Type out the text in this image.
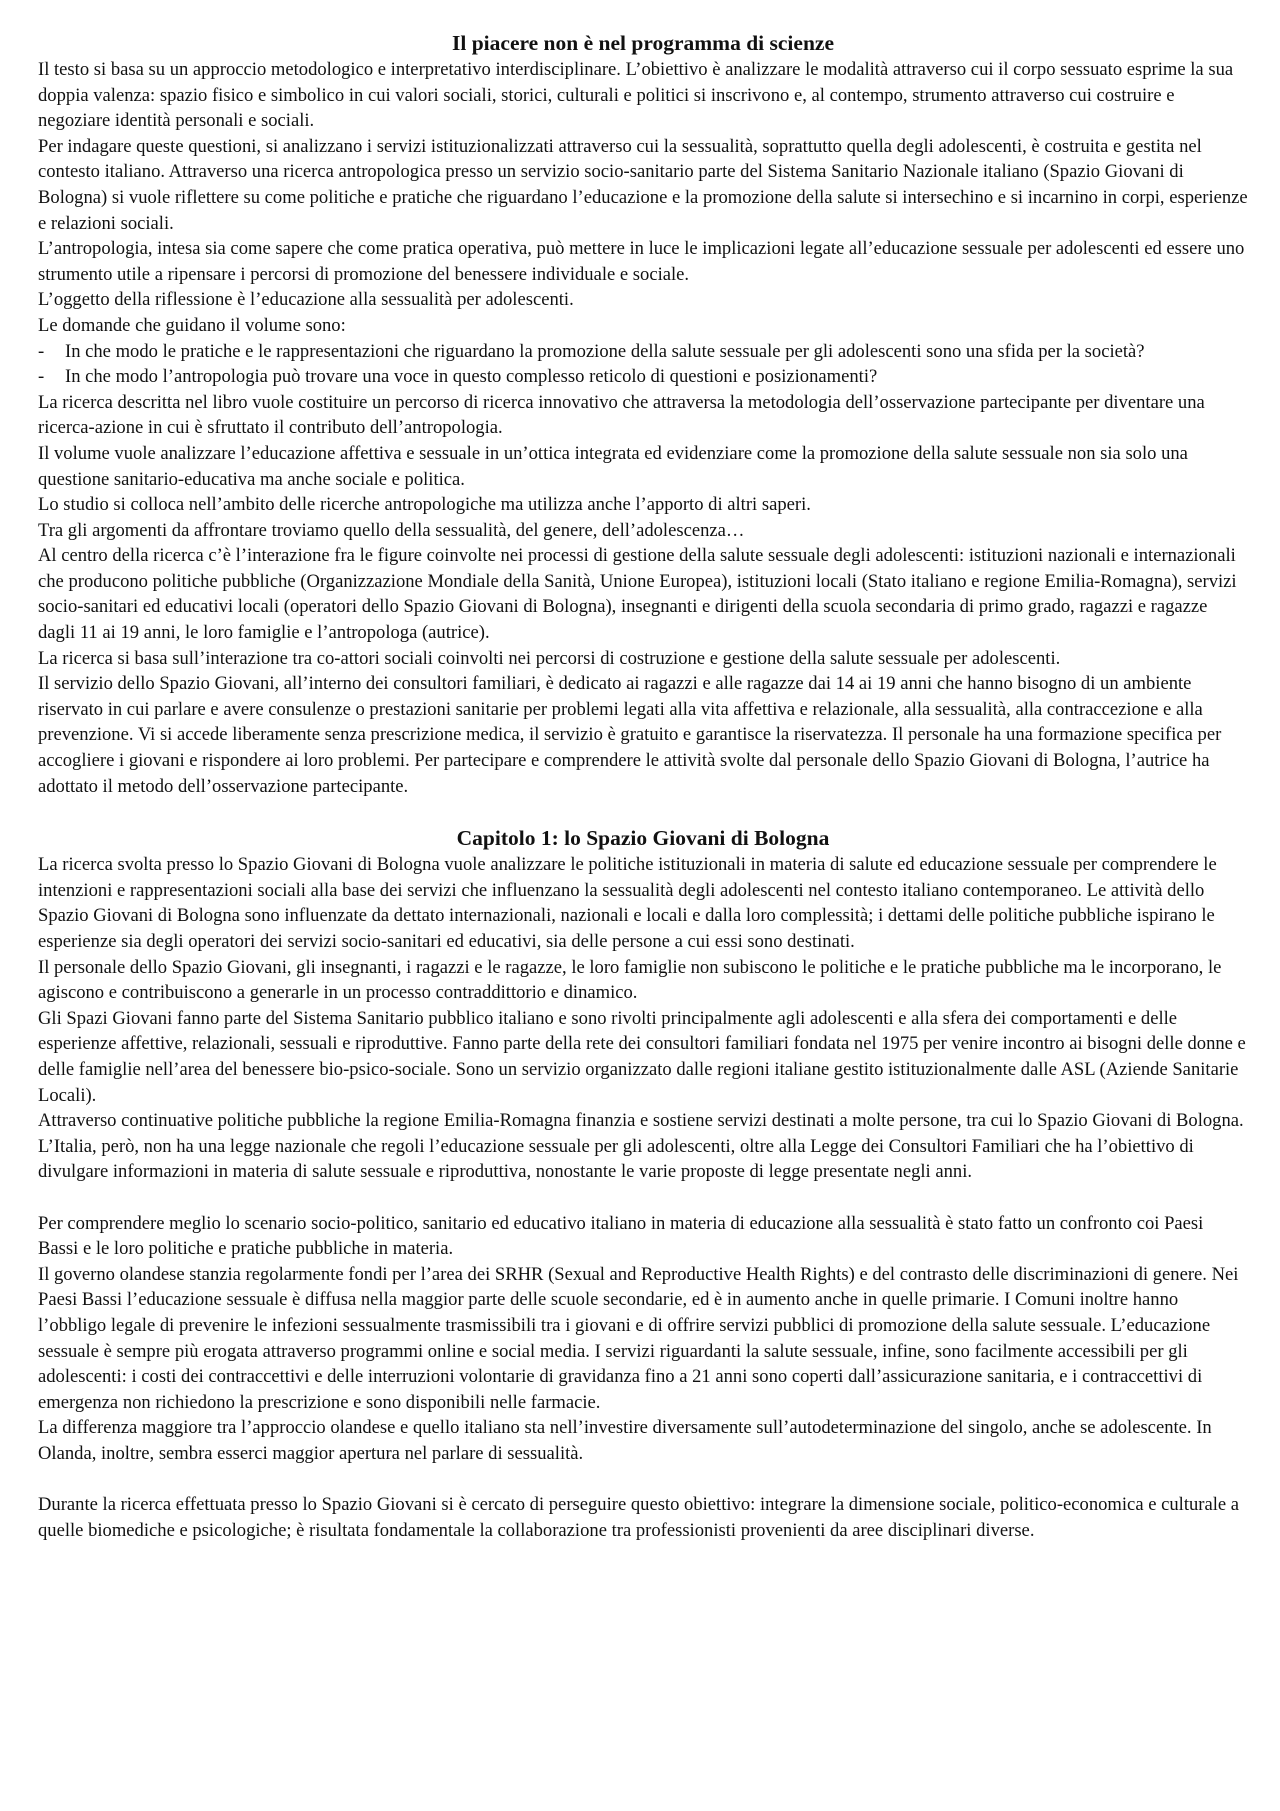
Il piacere non è nel programma di scienze

Il testo si basa su un approccio metodologico e interpretativo interdisciplinare. L’obiettivo è analizzare le modalità attraverso cui il corpo sessuato esprime la sua doppia valenza: spazio fisico e simbolico in cui valori sociali, storici, culturali e politici si inscrivono e, al contempo, strumento attraverso cui costruire e negoziare identità personali e sociali.

Per indagare queste questioni, si analizzano i servizi istituzionalizzati attraverso cui la sessualità, soprattutto quella degli adolescenti, è costruita e gestita nel contesto italiano. Attraverso una ricerca antropologica presso un servizio socio-sanitario parte del Sistema Sanitario Nazionale italiano (Spazio Giovani di Bologna) si vuole riflettere su come politiche e pratiche che riguardano l’educazione e la promozione della salute si intersechino e si incarnino in corpi, esperienze e relazioni sociali.

L’antropologia, intesa sia come sapere che come pratica operativa, può mettere in luce le implicazioni legate all’educazione sessuale per adolescenti ed essere uno strumento utile a ripensare i percorsi di promozione del benessere individuale e sociale.

L’oggetto della riflessione è l’educazione alla sessualità per adolescenti.

Le domande che guidano il volume sono:

- In che modo le pratiche e le rappresentazioni che riguardano la promozione della salute sessuale per gli adolescenti sono una sfida per la società?
- In che modo l’antropologia può trovare una voce in questo complesso reticolo di questioni e posizionamenti?

La ricerca descritta nel libro vuole costituire un percorso di ricerca innovativo che attraversa la metodologia dell’osservazione partecipante per diventare una ricerca-azione in cui è sfruttato il contributo dell’antropologia.

Il volume vuole analizzare l’educazione affettiva e sessuale in un’ottica integrata ed evidenziare come la promozione della salute sessuale non sia solo una questione sanitario-educativa ma anche sociale e politica.

Lo studio si colloca nell’ambito delle ricerche antropologiche ma utilizza anche l’apporto di altri saperi.

Tra gli argomenti da affrontare troviamo quello della sessualità, del genere, dell’adolescenza…

Al centro della ricerca c’è l’interazione fra le figure coinvolte nei processi di gestione della salute sessuale degli adolescenti: istituzioni nazionali e internazionali che producono politiche pubbliche (Organizzazione Mondiale della Sanità, Unione Europea), istituzioni locali (Stato italiano e regione Emilia-Romagna), servizi socio-sanitari ed educativi locali (operatori dello Spazio Giovani di Bologna), insegnanti e dirigenti della scuola secondaria di primo grado, ragazzi e ragazze dagli 11 ai 19 anni, le loro famiglie e l’antropologa (autrice).

La ricerca si basa sull’interazione tra co-attori sociali coinvolti nei percorsi di costruzione e gestione della salute sessuale per adolescenti.

Il servizio dello Spazio Giovani, all’interno dei consultori familiari, è dedicato ai ragazzi e alle ragazze dai 14 ai 19 anni che hanno bisogno di un ambiente riservato in cui parlare e avere consulenze o prestazioni sanitarie per problemi legati alla vita affettiva e relazionale, alla sessualità, alla contraccezione e alla prevenzione. Vi si accede liberamente senza prescrizione medica, il servizio è gratuito e garantisce la riservatezza. Il personale ha una formazione specifica per accogliere i giovani e rispondere ai loro problemi. Per partecipare e comprendere le attività svolte dal personale dello Spazio Giovani di Bologna, l’autrice ha adottato il metodo dell’osservazione partecipante.

Capitolo 1: lo Spazio Giovani di Bologna

La ricerca svolta presso lo Spazio Giovani di Bologna vuole analizzare le politiche istituzionali in materia di salute ed educazione sessuale per comprendere le intenzioni e rappresentazioni sociali alla base dei servizi che influenzano la sessualità degli adolescenti nel contesto italiano contemporaneo. Le attività dello Spazio Giovani di Bologna sono influenzate da dettato internazionali, nazionali e locali e dalla loro complessità; i dettami delle politiche pubbliche ispirano le esperienze sia degli operatori dei servizi socio-sanitari ed educativi, sia delle persone a cui essi sono destinati.

Il personale dello Spazio Giovani, gli insegnanti, i ragazzi e le ragazze, le loro famiglie non subiscono le politiche e le pratiche pubbliche ma le incorporano, le agiscono e contribuiscono a generarle in un processo contraddittorio e dinamico.

Gli Spazi Giovani fanno parte del Sistema Sanitario pubblico italiano e sono rivolti principalmente agli adolescenti e alla sfera dei comportamenti e delle esperienze affettive, relazionali, sessuali e riproduttive. Fanno parte della rete dei consultori familiari fondata nel 1975 per venire incontro ai bisogni delle donne e delle famiglie nell’area del benessere bio-psico-sociale. Sono un servizio organizzato dalle regioni italiane gestito istituzionalmente dalle ASL (Aziende Sanitarie Locali).

Attraverso continuative politiche pubbliche la regione Emilia-Romagna finanzia e sostiene servizi destinati a molte persone, tra cui lo Spazio Giovani di Bologna. L’Italia, però, non ha una legge nazionale che regoli l’educazione sessuale per gli adolescenti, oltre alla Legge dei Consultori Familiari che ha l’obiettivo di divulgare informazioni in materia di salute sessuale e riproduttiva, nonostante le varie proposte di legge presentate negli anni.

Per comprendere meglio lo scenario socio-politico, sanitario ed educativo italiano in materia di educazione alla sessualità è stato fatto un confronto coi Paesi Bassi e le loro politiche e pratiche pubbliche in materia.

Il governo olandese stanzia regolarmente fondi per l’area dei SRHR (Sexual and Reproductive Health Rights) e del contrasto delle discriminazioni di genere. Nei Paesi Bassi l’educazione sessuale è diffusa nella maggior parte delle scuole secondarie, ed è in aumento anche in quelle primarie. I Comuni inoltre hanno l’obbligo legale di prevenire le infezioni sessualmente trasmissibili tra i giovani e di offrire servizi pubblici di promozione della salute sessuale. L’educazione sessuale è sempre più erogata attraverso programmi online e social media. I servizi riguardanti la salute sessuale, infine, sono facilmente accessibili per gli adolescenti: i costi dei contraccettivi e delle interruzioni volontarie di gravidanza fino a 21 anni sono coperti dall’assicurazione sanitaria, e i contraccettivi di emergenza non richiedono la prescrizione e sono disponibili nelle farmacie.

La differenza maggiore tra l’approccio olandese e quello italiano sta nell’investire diversamente sull’autodeterminazione del singolo, anche se adolescente. In Olanda, inoltre, sembra esserci maggior apertura nel parlare di sessualità.

Durante la ricerca effettuata presso lo Spazio Giovani si è cercato di perseguire questo obiettivo: integrare la dimensione sociale, politico-economica e culturale a quelle biomediche e psicologiche; è risultata fondamentale la collaborazione tra professionisti provenienti da aree disciplinari diverse.
